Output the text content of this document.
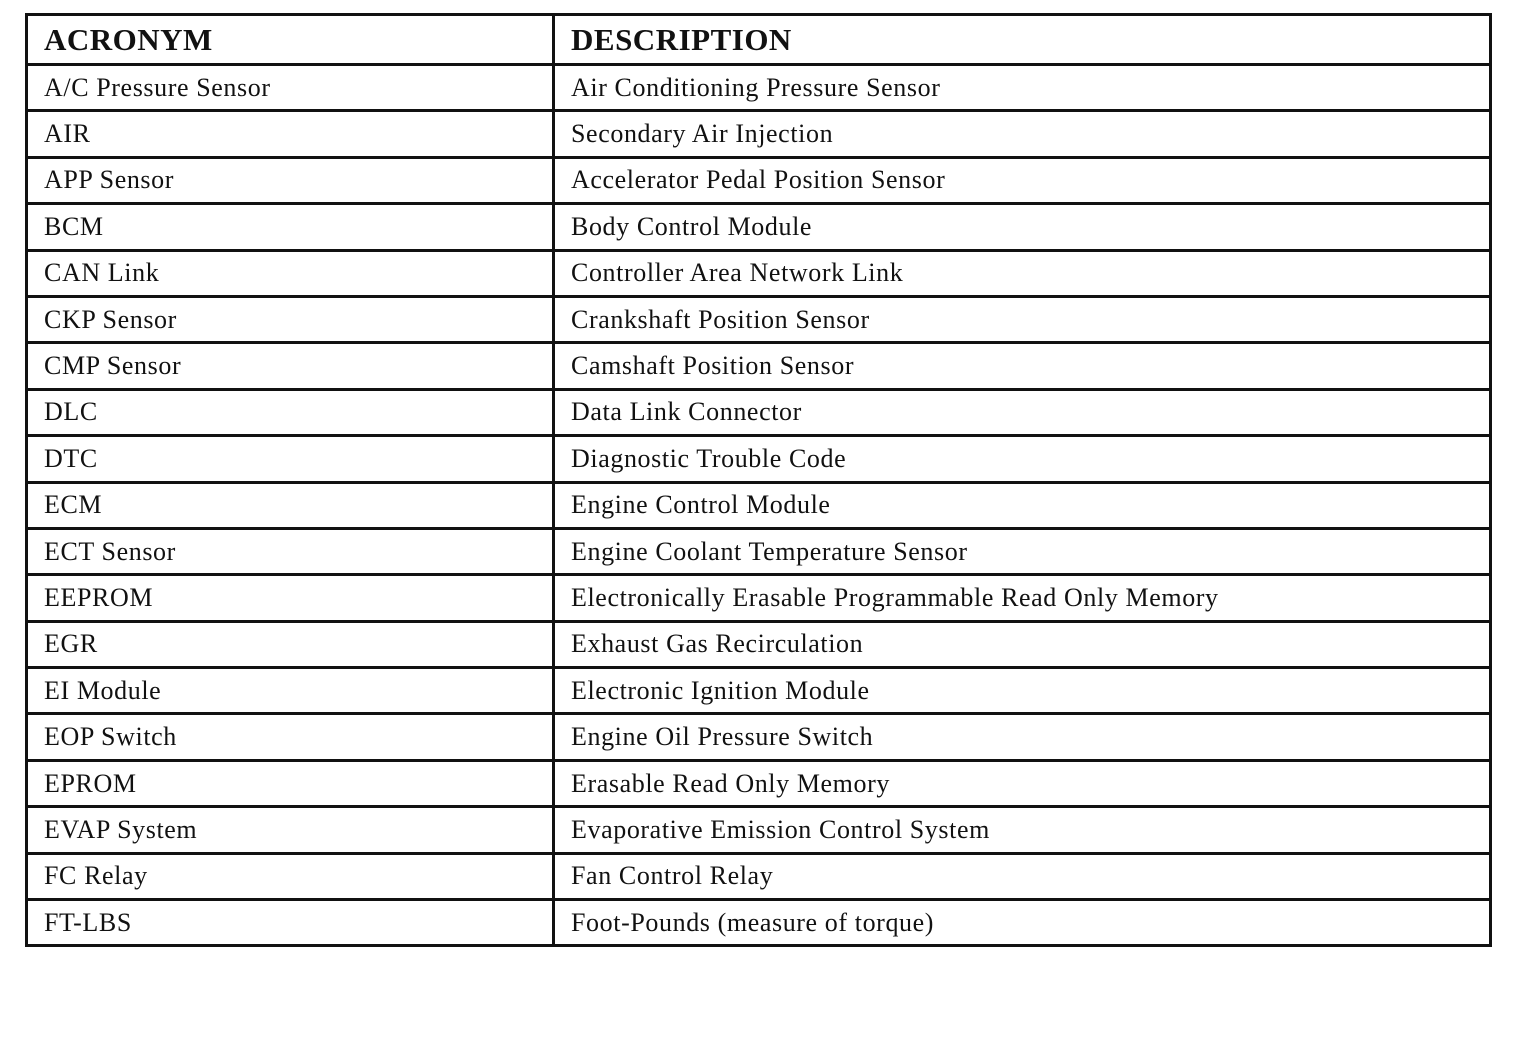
ACRONYM	DESCRIPTION
A/C Pressure Sensor	Air Conditioning Pressure Sensor
AIR	Secondary Air Injection
APP Sensor	Accelerator Pedal Position Sensor
BCM	Body Control Module
CAN Link	Controller Area Network Link
CKP Sensor	Crankshaft Position Sensor
CMP Sensor	Camshaft Position Sensor
DLC	Data Link Connector
DTC	Diagnostic Trouble Code
ECM	Engine Control Module
ECT Sensor	Engine Coolant Temperature Sensor
EEPROM	Electronically Erasable Programmable Read Only Memory
EGR	Exhaust Gas Recirculation
EI Module	Electronic Ignition Module
EOP Switch	Engine Oil Pressure Switch
EPROM	Erasable Read Only Memory
EVAP System	Evaporative Emission Control System
FC Relay	Fan Control Relay
FT-LBS	Foot-Pounds (measure of torque)
